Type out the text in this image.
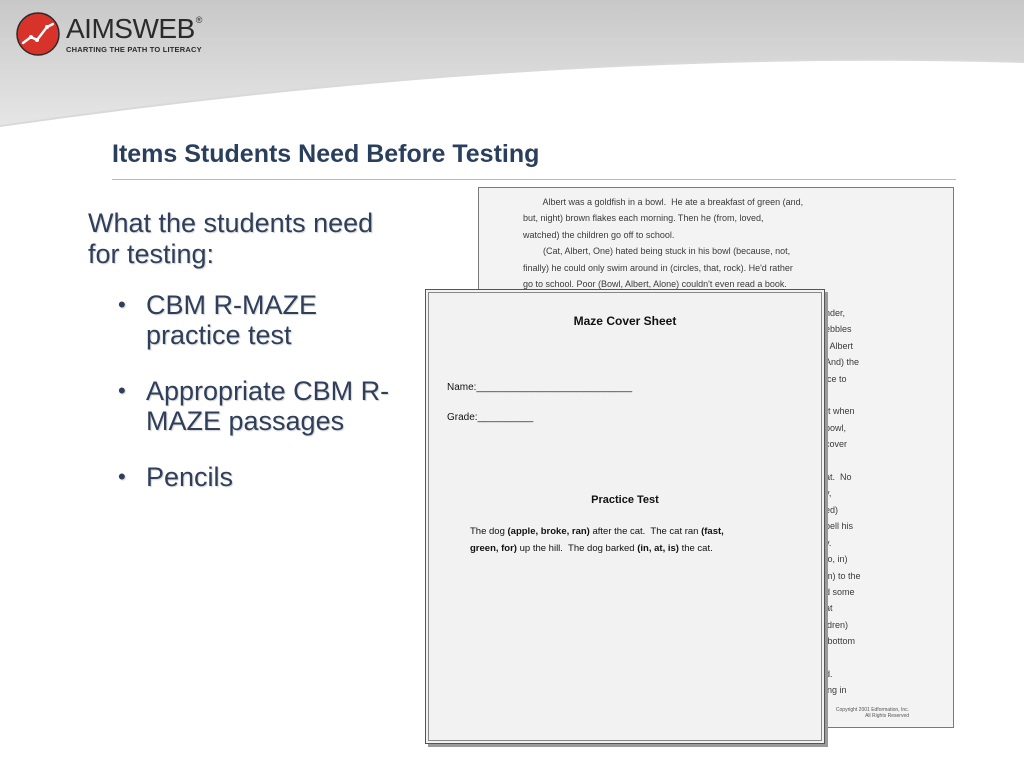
AIMS WEB ®
CHARTING THE PATH TO LITERACY
Items Students Need Before Testing
What the students need for testing:
• CBM R-MAZE practice test
• Appropriate CBM R-MAZE passages
• Pencils
Albert was a goldfish in a bowl.  He ate a breakfast of green (and,
but, night) brown flakes each morning. Then he (from, loved,
watched) the children go off to school.
(Cat, Albert, One) hated being stuck in his bowl (because, not,
finally) he could only swim around in (circles, that, rock). He'd rather
go to school. Poor (Bowl, Albert, Alone) couldn't even read a book.
nder,
ebbles
t Albert
And) the
ice to

rt when
bowl,
cover

at.  No
y,
ed)
pell his
y.
to, in)
m) to the
d some
at
ldren)
bottom

d.
ing in
Copyright 2001 Edformation, Inc.
All Rights Reserved
Maze Cover Sheet
Name:____________________________
Grade:__________
Practice Test
The dog (apple, broke, ran) after the cat.  The cat ran (fast,
green, for) up the hill.  The dog barked (in, at, is) the cat.
